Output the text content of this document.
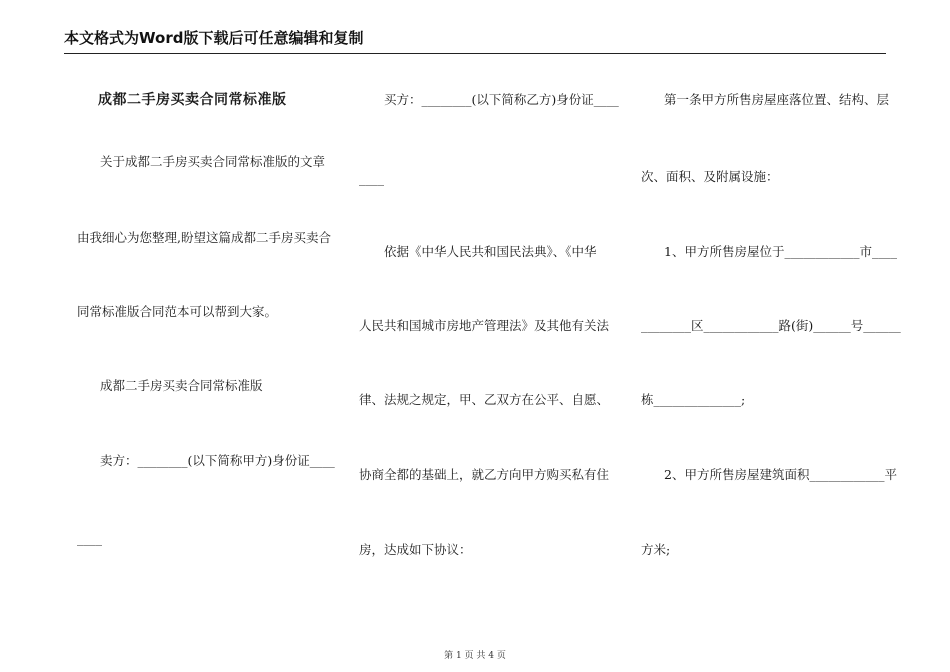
本文格式为Word版下载后可任意编辑和复制
成都二手房买卖合同常标准版
关于成都二手房买卖合同常标准版的文章
由我细心为您整理,盼望这篇成都二手房买卖合
同常标准版合同范本可以帮到大家。
成都二手房买卖合同常标准版
卖方：________(以下简称甲方)身份证____
____
买方：________(以下简称乙方)身份证____
____
依据《中华人民共和国民法典》、《中华
人民共和国城市房地产管理法》及其他有关法
律、法规之规定，甲、乙双方在公平、自愿、
协商全都的基础上，就乙方向甲方购买私有住
房，达成如下协议：
第一条甲方所售房屋座落位置、结构、层
次、面积、及附属设施：
1、甲方所售房屋位于____________市____
________区____________路(街)______号______
栋______________;
2、甲方所售房屋建筑面积____________平
方米;
第 1 页 共 4 页
